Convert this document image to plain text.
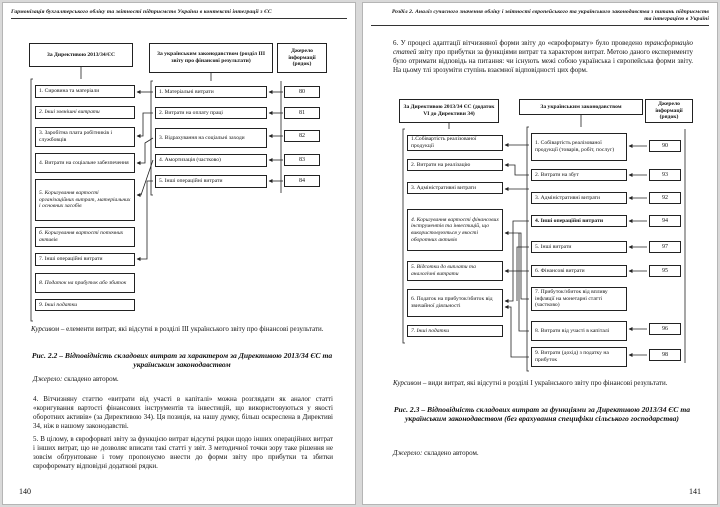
Гармонізація бухгалтерського обліку та звітності підприємств України в контексті інтеграції з ЄС
За Директивою 2013/34/ЄС	За українським законодавством (розділ ІІІ звіту про фінансові результати)
Джерело інформації (рядок)
1. Сировина та матеріали
2. Інші зовнішні витрати
3. Заробітна плата робітників і службовців
4. Витрати на соціальне забезпечення
5. Коригування вартості організаційних витрат, матеріальних і основних засобів
6. Коригування вартості поточних активів
7. Інші операційні витрати
8. Податок на прибуток або збиток
9. Інші податки
1. Матеріальні витрати
2. Витрати на оплату праці
3. Відрахування на соціальні заходи
4. Амортизація (частково)
5. Інші операційні витрати
80
81
82
83
84
Курсивом – елементи витрат, які відсутні в розділі ІІІ українського звіту про фінансові результати.
Рис. 2.2 – Відповідність складових витрат за характером за Директивою 2013/34 ЄС та українським законодавством
Джерело: складено автором.
4. Вітчизняну статтю «витрати від участі в капіталі» можна розглядати як аналог статті «коригування вартості фінансових інструментів та інвестицій, що використовуються у якості оборотних активів» (за Директивою 34). Ця позиція, на нашу думку, більш оскреслена в Директиві 34, ніж в нашому законодавстві.
5. В цілому, в єврофорваті звіту за функцією витрат відсутні рядки щодо інших операційних витрат і інших витрат, що не дозволяє вписати такі статті у звіт. З методичної точки зору таке рішення не зовсім обґрунтоване і тому пропонуємо внести до форми звіту про прибутки та збитки єврофоремату відповідні додаткові рядки.
140
Розділ 2. Аналіз сучасного значення обліку і звітності європейського та українського законодавства з питань підприємств
та інтеграцією в Україні
6. У процесі адаптації вітчизняної форми звіту до «євроформату» було проведено трансформацію статей звіту про прибутки за функціями витрат та характером витрат. Метою даного експерименту було отримати відповідь на питання: чи існують межі собою українська і європейська форми звіту. На цьому тлі зрозуміти ступінь взаємної відповідності цих форм.
За Директивою 2013/34 ЄС (додаток VI до Директиви 34)
За українським законодавством	Джерело інформації (рядок)
1.Собівартість реалізованої продукції
2. Витрати на реалізацію
3. Адміністративні витрати
4. Коригування вартості фінансових інструментів та інвестицій, що використовуються у якості оборотних активів
5. Відсотки до виплати та аналогічні витрати
6. Податок на прибуток/збиток від звичайної діяльності
7. Інші податки
1. Собівартість реалізованої продукції (товарів, робіт, послуг)
2. Витрати на збут
3. Адміністративні витрати
4. Інші операційні витрати
5. Інші витрати
6. Фінансові витрати
7. Прибуток/збиток від впливу інфляції на монетарні статті (частково)
8. Витрати від участі в капіталі
9. Витрати (дохід) з податку на прибуток
90
93
92
94
97
95
96
98
Курсивом – види витрат, які відсутні в розділі І українського звіту про фінансові результати.
Рис. 2.3 – Відповідність складових витрат за функціями за Директивою 2013/34 ЄС та українським законодавством (без врахування специфіки сільського господарства)
Джерело: складено автором.
141
